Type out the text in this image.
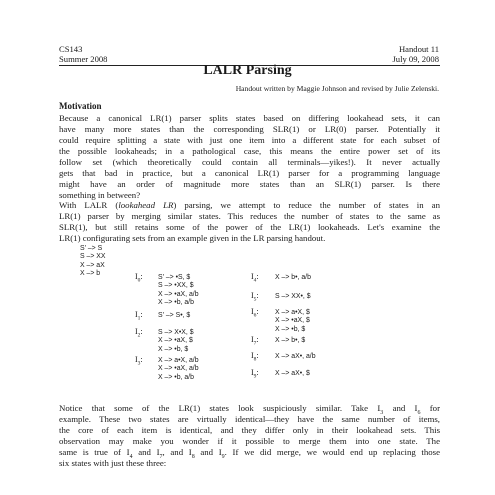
CS143
Summer 2008
Handout 11
July 09, 2008
LALR Parsing
Handout written by Maggie Johnson and revised by Julie Zelenski.
Motivation
Because a canonical LR(1) parser splits states based on differing lookahead sets, it can
have many more states than the corresponding SLR(1) or LR(0) parser. Potentially it
could require splitting a state with just one item into a different state for each subset of
the possible lookaheads; in a pathological case, this means the entire power set of its
follow set (which theoretically could contain all terminals—yikes!). It never actually
gets that bad in practice, but a canonical LR(1) parser for a programming language
might have an order of magnitude more states than an SLR(1) parser. Is there
something in between?
With LALR (lookahead LR) parsing, we attempt to reduce the number of states in an
LR(1) parser by merging similar states. This reduces the number of states to the same as
SLR(1), but still retains some of the power of the LR(1) lookaheads. Let's examine the
LR(1) configurating sets from an example given in the LR parsing handout.
S' –> S
S –> XX
X –> aX
X –> b	$I_0$: S' –> •S, $
S –> •XX, $
X –> •aX, a/b
X –> •b, a/b
$I_1$: S' –> S•, $
$I_2$: S –> X•X, $
X –> •aX, $
X –> •b, $
$I_3$: X –> a•X, a/b
X –> •aX, a/b
X –> •b, a/b
$I_4$: X –> b•, a/b
$I_5$: S –> XX•, $
$I_6$: X –> a•X, $
X –> •aX, $
X –> •b, $
$I_7$: X –> b•, $
$I_8$: X –> aX•, a/b
$I_9$: X –> aX•, $
Notice that some of the LR(1) states look suspiciously similar. Take $I_3$ and $I_6$ for
example. These two states are virtually identical—they have the same number of items,
the core of each item is identical, and they differ only in their lookahead sets. This
observation may make you wonder if it possible to merge them into one state. The
same is true of $I_4$ and $I_7$, and $I_8$ and $I_9$. If we did merge, we would end up replacing those
six states with just these three:
